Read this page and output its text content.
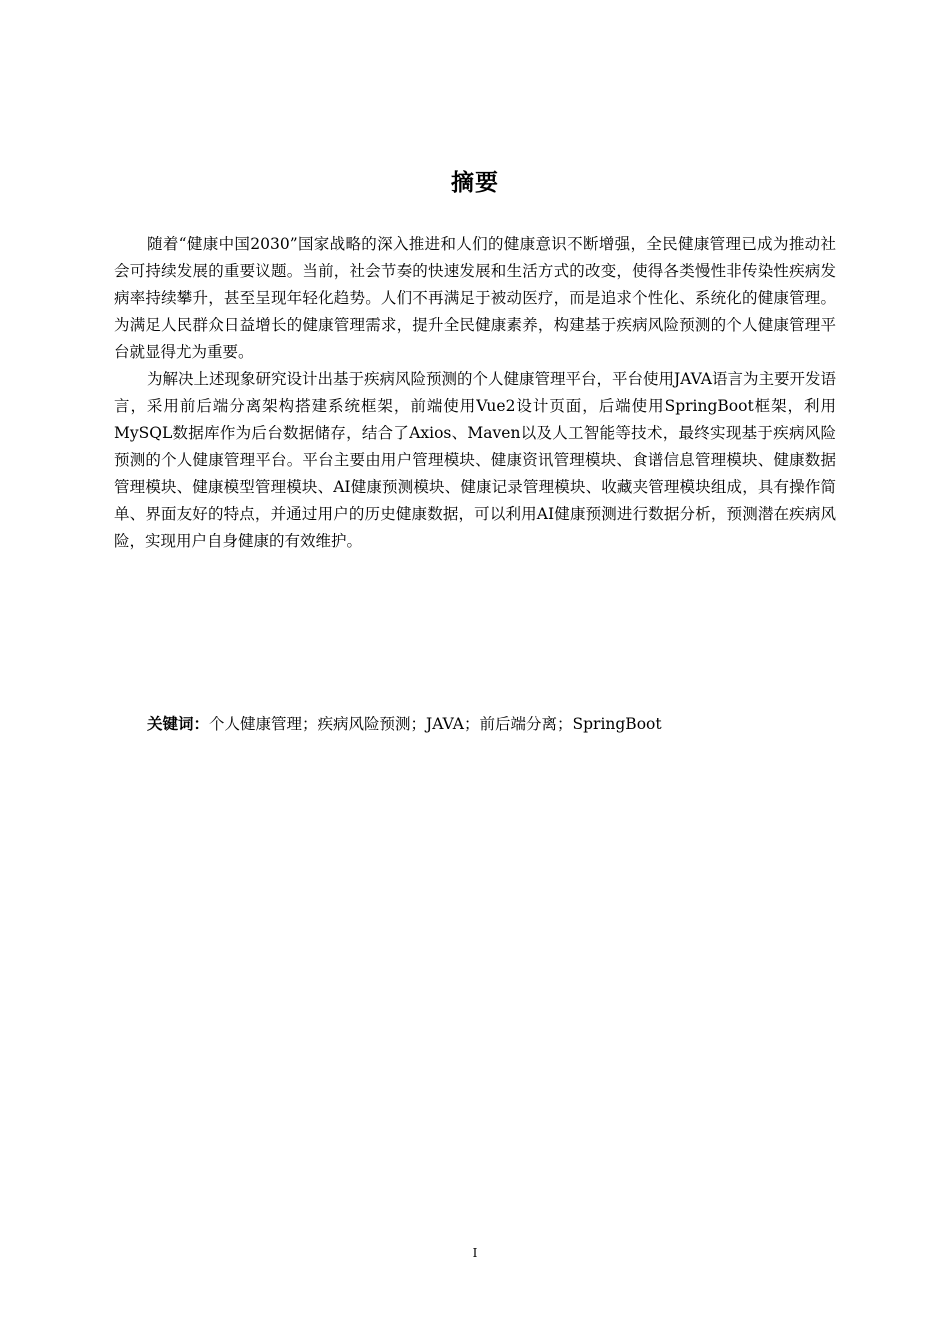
摘要

随着“健康中国2030”国家战略的深入推进和人们的健康意识不断增强，全民健康管理已成为推动社会可持续发展的重要议题。当前，社会节奏的快速发展和生活方式的改变，使得各类慢性非传染性疾病发病率持续攀升，甚至呈现年轻化趋势。人们不再满足于被动医疗，而是追求个性化、系统化的健康管理。为满足人民群众日益增长的健康管理需求，提升全民健康素养，构建基于疾病风险预测的个人健康管理平台就显得尤为重要。

为解决上述现象研究设计出基于疾病风险预测的个人健康管理平台，平台使用JAVA语言为主要开发语言，采用前后端分离架构搭建系统框架，前端使用Vue2设计页面，后端使用SpringBoot框架，利用MySQL数据库作为后台数据储存，结合了Axios、Maven以及人工智能等技术，最终实现基于疾病风险预测的个人健康管理平台。平台主要由用户管理模块、健康资讯管理模块、食谱信息管理模块、健康数据管理模块、健康模型管理模块、AI健康预测模块、健康记录管理模块、收藏夹管理模块组成，具有操作简单、界面友好的特点，并通过用户的历史健康数据，可以利用AI健康预测进行数据分析，预测潜在疾病风险，实现用户自身健康的有效维护。

关键词：个人健康管理；疾病风险预测；JAVA；前后端分离；SpringBoot

I
